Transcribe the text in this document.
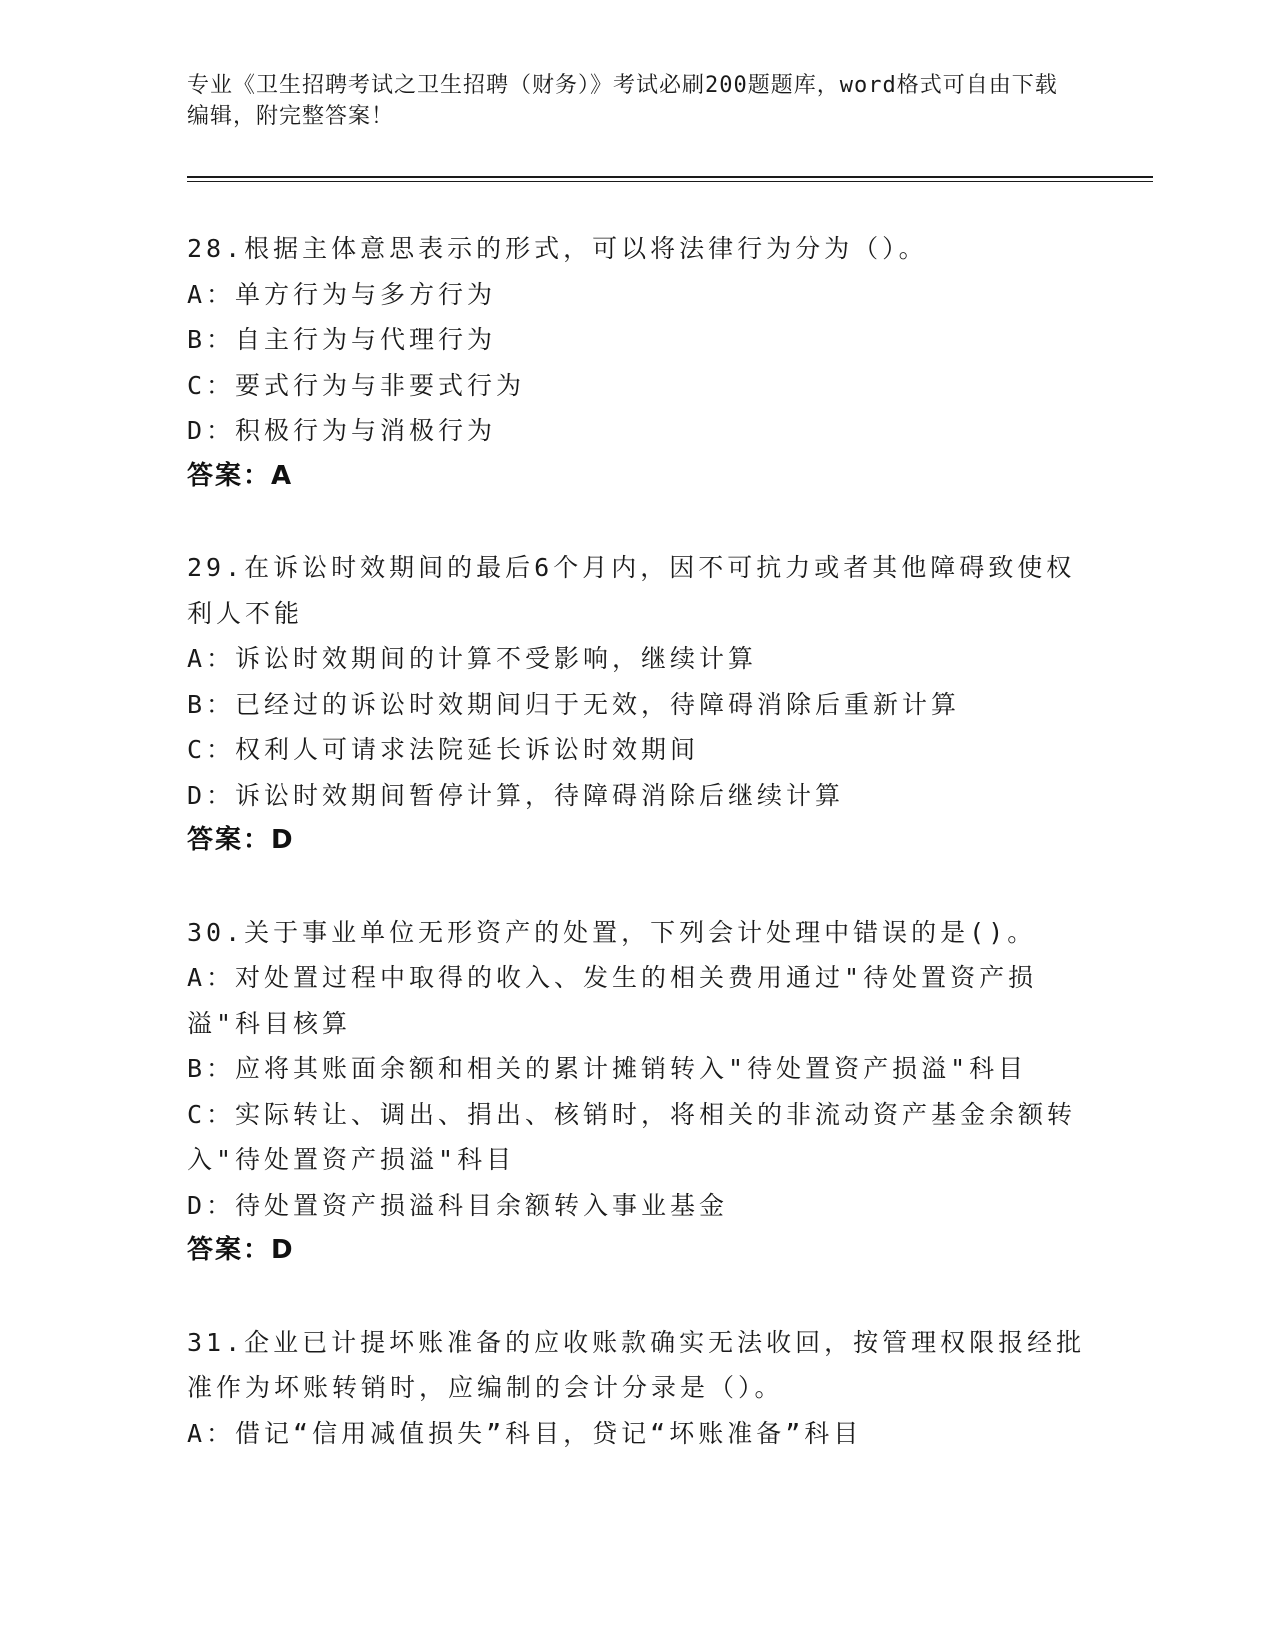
专业《卫生招聘考试之卫生招聘（财务）》考试必刷200题题库，word格式可自由下载编辑，附完整答案！
28.根据主体意思表示的形式，可以将法律行为分为（）。
A：单方行为与多方行为
B：自主行为与代理行为
C：要式行为与非要式行为
D：积极行为与消极行为
答案：A
29.在诉讼时效期间的最后6个月内，因不可抗力或者其他障碍致使权利人不能
A：诉讼时效期间的计算不受影响，继续计算
B：已经过的诉讼时效期间归于无效，待障碍消除后重新计算
C：权利人可请求法院延长诉讼时效期间
D：诉讼时效期间暂停计算，待障碍消除后继续计算
答案：D
30.关于事业单位无形资产的处置，下列会计处理中错误的是()。
A：对处置过程中取得的收入、发生的相关费用通过"待处置资产损溢"科目核算
B：应将其账面余额和相关的累计摊销转入"待处置资产损溢"科目
C：实际转让、调出、捐出、核销时，将相关的非流动资产基金余额转入"待处置资产损溢"科目
D：待处置资产损溢科目余额转入事业基金
答案：D
31.企业已计提坏账准备的应收账款确实无法收回，按管理权限报经批准作为坏账转销时，应编制的会计分录是（）。
A：借记“信用减值损失”科目，贷记“坏账准备”科目
